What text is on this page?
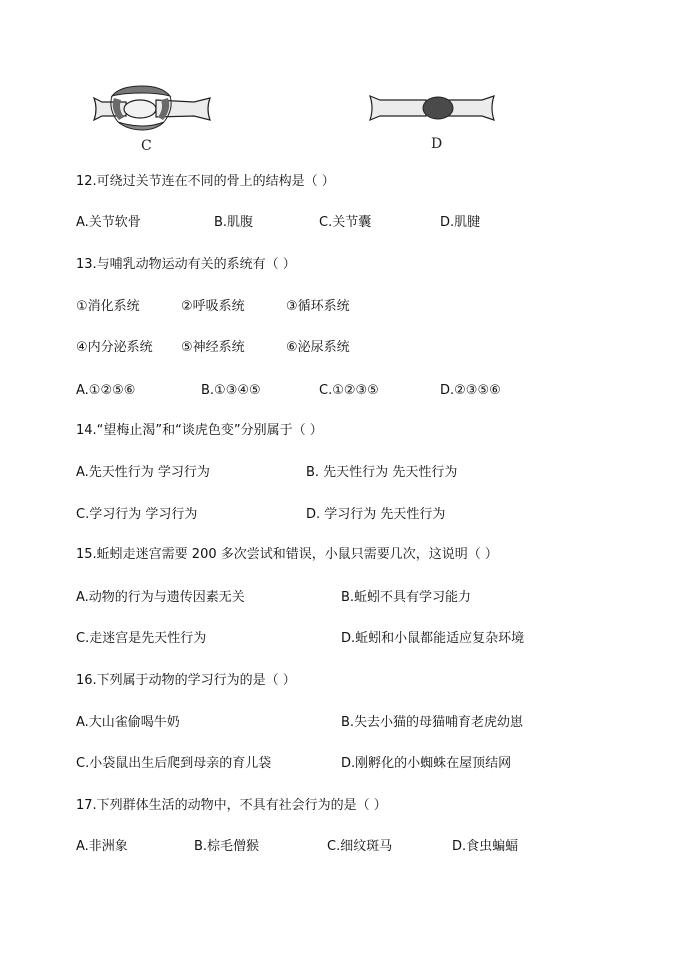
C	D
12.可绕过关节连在不同的骨上的结构是（ ）
A.关节软骨	B.肌腹	C.关节囊	D.肌腱
13.与哺乳动物运动有关的系统有（ ）
①消化系统	②呼吸系统	③循环系统
④内分泌系统 ⑤神经系统	⑥泌尿系统
A.①②⑤⑥	B.①③④⑤	C.①②③⑤	D.②③⑤⑥
14.“望梅止渴”和“谈虎色变”分别属于（ ）
A.先天性行为 学习行为	B. 先天性行为 先天性行为
C.学习行为 学习行为	D. 学习行为 先天性行为
15.蚯蚓走迷宫需要 200 多次尝试和错误，小鼠只需要几次，这说明（ ）
A.动物的行为与遗传因素无关	B.蚯蚓不具有学习能力
C.走迷宫是先天性行为	D.蚯蚓和小鼠都能适应复杂环境
16.下列属于动物的学习行为的是（ ）
A.大山雀偷喝牛奶	B.失去小猫的母猫哺育老虎幼崽
C.小袋鼠出生后爬到母亲的育儿袋	D.刚孵化的小蜘蛛在屋顶结网
17.下列群体生活的动物中，不具有社会行为的是（ ）
A.非洲象	B.棕毛僧猴	C.细纹斑马	D.食虫蝙蝠
